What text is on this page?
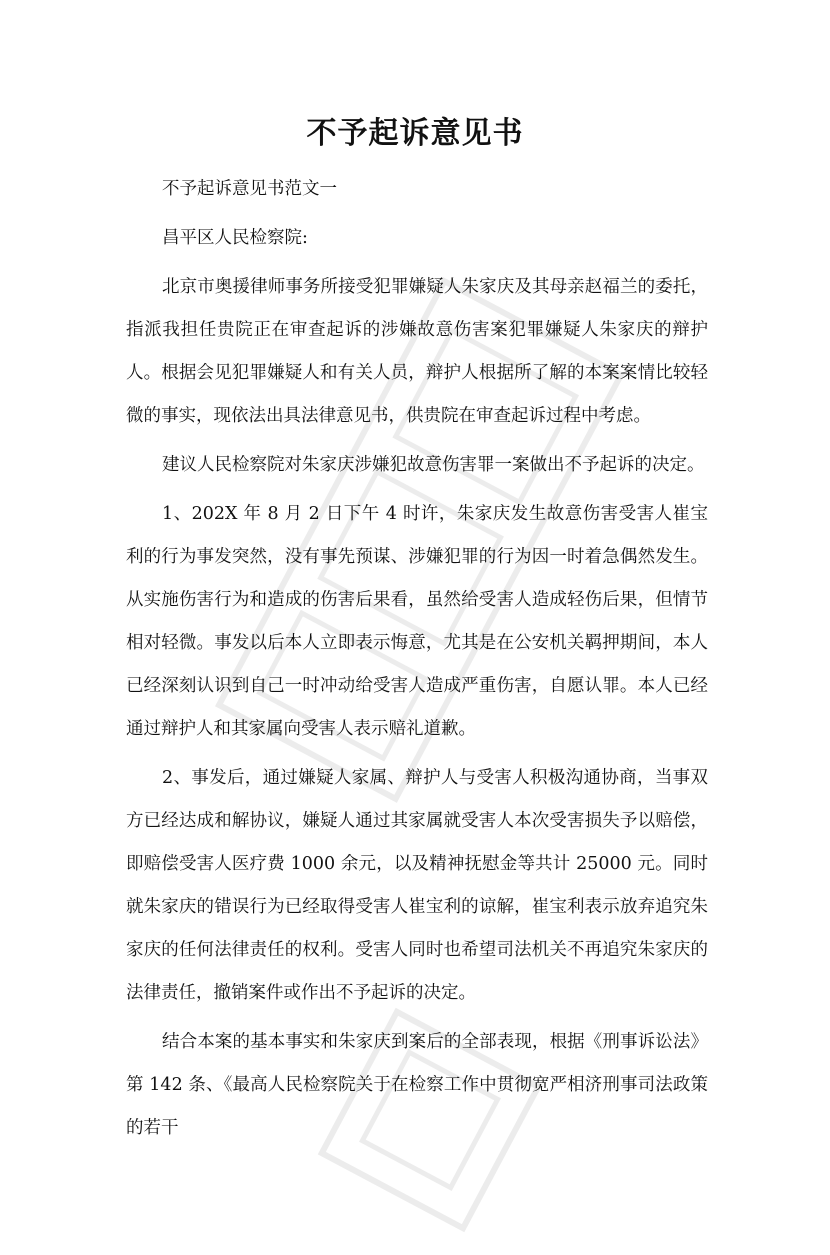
不予起诉意见书

不予起诉意见书范文一

昌平区人民检察院:

北京市奥援律师事务所接受犯罪嫌疑人朱家庆及其母亲赵福兰的委托，指派我担任贵院正在审查起诉的涉嫌故意伤害案犯罪嫌疑人朱家庆的辩护人。根据会见犯罪嫌疑人和有关人员，辩护人根据所了解的本案案情比较轻微的事实，现依法出具法律意见书，供贵院在审查起诉过程中考虑。

建议人民检察院对朱家庆涉嫌犯故意伤害罪一案做出不予起诉的决定。

1、202X 年 8 月 2 日下午 4 时许，朱家庆发生故意伤害受害人崔宝利的行为事发突然，没有事先预谋、涉嫌犯罪的行为因一时着急偶然发生。从实施伤害行为和造成的伤害后果看，虽然给受害人造成轻伤后果，但情节相对轻微。事发以后本人立即表示悔意，尤其是在公安机关羁押期间，本人已经深刻认识到自己一时冲动给受害人造成严重伤害，自愿认罪。本人已经通过辩护人和其家属向受害人表示赔礼道歉。

2、事发后，通过嫌疑人家属、辩护人与受害人积极沟通协商，当事双方已经达成和解协议，嫌疑人通过其家属就受害人本次受害损失予以赔偿，即赔偿受害人医疗费 1000 余元，以及精神抚慰金等共计 25000 元。同时就朱家庆的错误行为已经取得受害人崔宝利的谅解，崔宝利表示放弃追究朱家庆的任何法律责任的权利。受害人同时也希望司法机关不再追究朱家庆的法律责任，撤销案件或作出不予起诉的决定。

结合本案的基本事实和朱家庆到案后的全部表现，根据《刑事诉讼法》第 142 条、《最高人民检察院关于在检察工作中贯彻宽严相济刑事司法政策的若干
